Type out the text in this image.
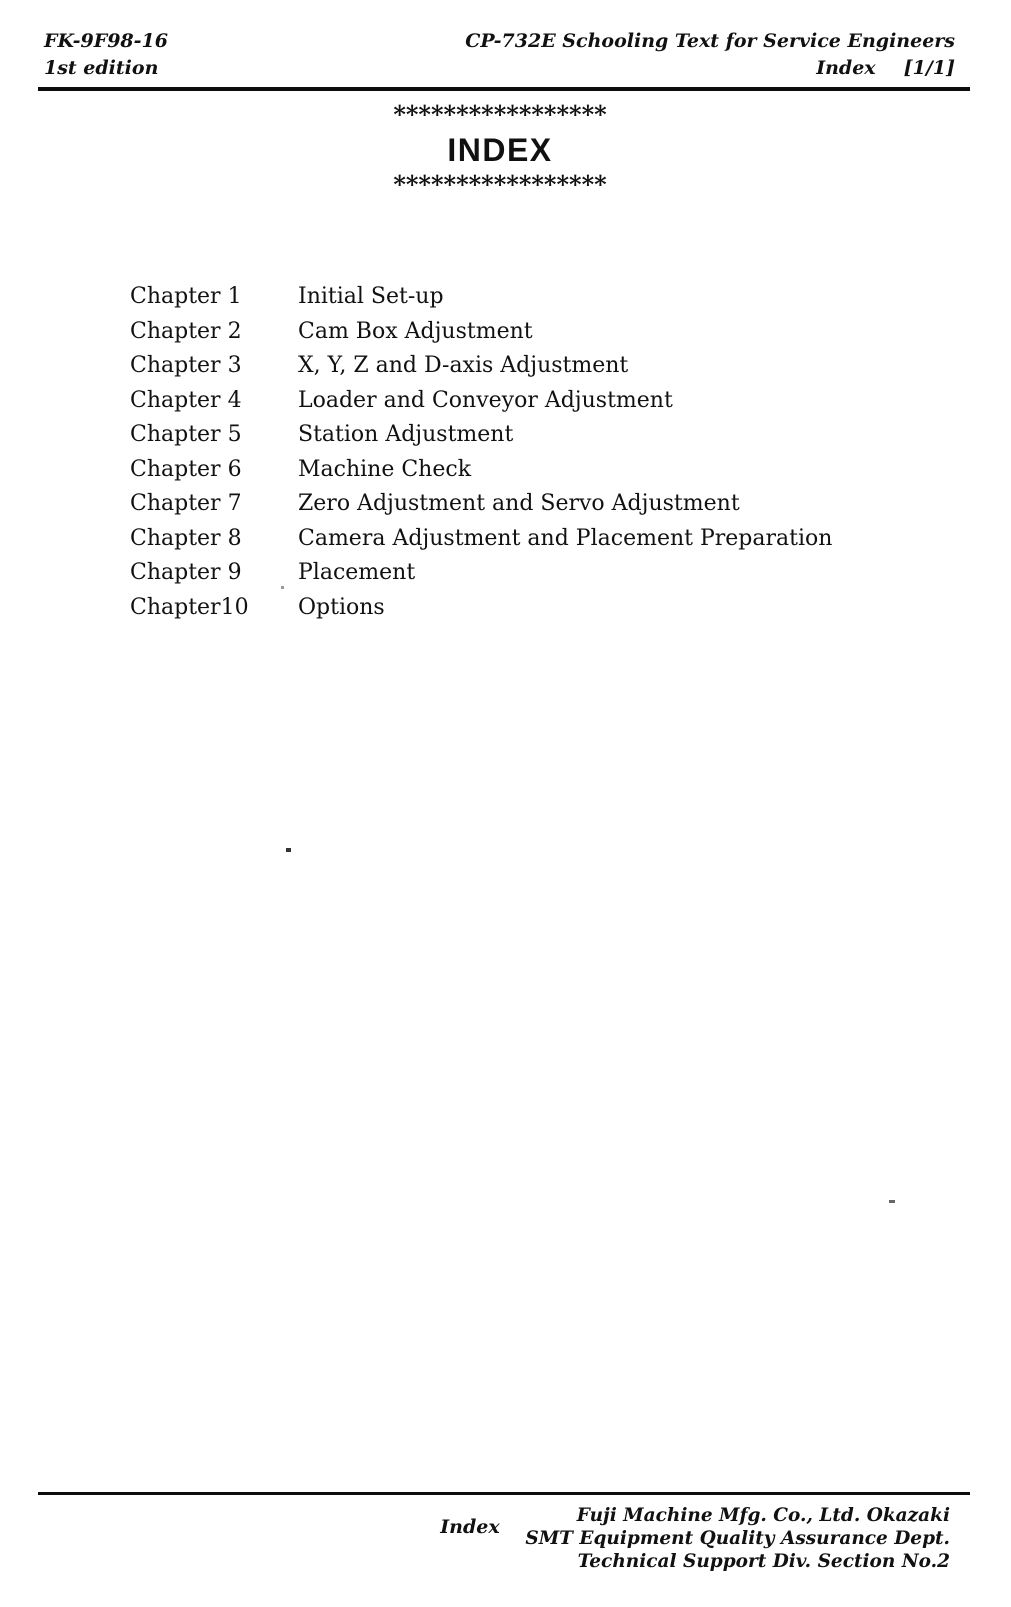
FK-9F98-16
1st edition
CP-732E Schooling Text for Service Engineers
Index [1/1]
*****************
INDEX
*****************
Chapter 1	Initial Set-up
Chapter 2	Cam Box Adjustment
Chapter 3	X, Y, Z and D-axis Adjustment
Chapter 4	Loader and Conveyor Adjustment
Chapter 5	Station Adjustment
Chapter 6	Machine Check
Chapter 7	Zero Adjustment and Servo Adjustment
Chapter 8	Camera Adjustment and Placement Preparation
Chapter 9	Placement
Chapter10	Options
Index
Fuji Machine Mfg. Co., Ltd. Okazaki
SMT Equipment Quality Assurance Dept.
Technical Support Div. Section No.2
